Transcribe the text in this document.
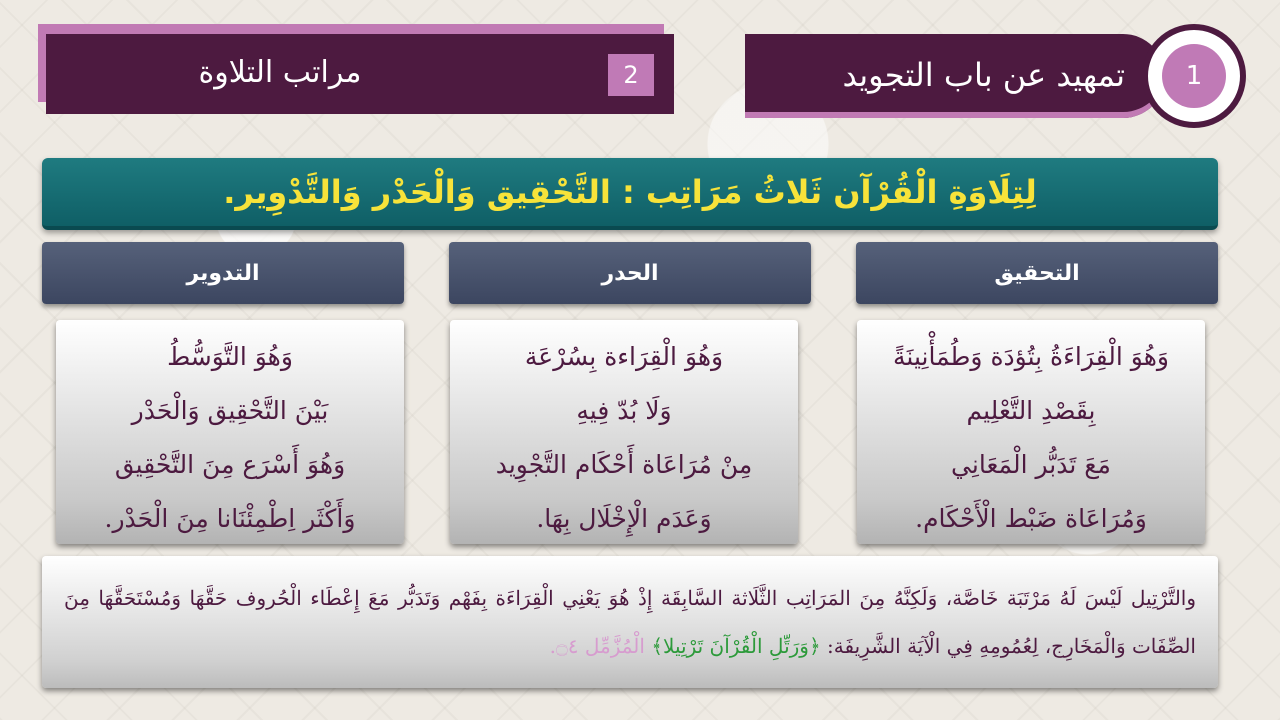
2
مراتب التلاوة	1
تمهيد عن باب التجويد
لِتِلَاوَةِ الْقُرْآن ثَلاثُ مَرَاتِب : التَّحْقِيق وَالْحَدْر وَالتَّدْوِير.
التحقيق
الحدر
التدوير
وَهُوَ الْقِرَاءَةُ بِتُؤدَة وَطُمَأْنِينَةً
بِقَصْدِ التَّعْلِيم
مَعَ تَدَبُّر الْمَعَانِي
وَمُرَاعَاة ضَبْط الْأَحْكَام.
وَهُوَ الْقِرَاءة بِسُرْعَة
وَلَا بُدّ فِيهِ
مِنْ مُرَاعَاة أَحْكَام التَّجْوِيد
وَعَدَم الْإِخْلَال بِهَا.
وَهُوَ التَّوَسُّطُ
بَيْنَ التَّحْقِيق وَالْحَدْر
وَهُوَ أَسْرَع مِنَ التَّحْقِيق
وَأَكْثَر اِطْمِئْنَانا مِنَ الْحَدْر.
والتَّرْتِيل لَيْسَ لَهُ مَرْتَبَة خَاصَّة، وَلَكِنَّهُ مِنَ المَرَاتِب الثَّلَاثة السَّابِقَة إِذْ هُوَ يَعْنِي الْقِرَاءَة بِفَهْم وَتَدَبُّر مَعَ إِعْطَاء الْحُروف حَقَّهَا وَمُسْتَحَقَّهَا مِنَ الصِّفَات وَالْمَخَارِج، لِعُمُومِهِ فِي الْآيَة الشَّرِيفَة: ﴿وَرَتِّلِ الْقُرْآنَ تَرْتِيلا﴾ الْمُزَّمِّل ۝٤.
